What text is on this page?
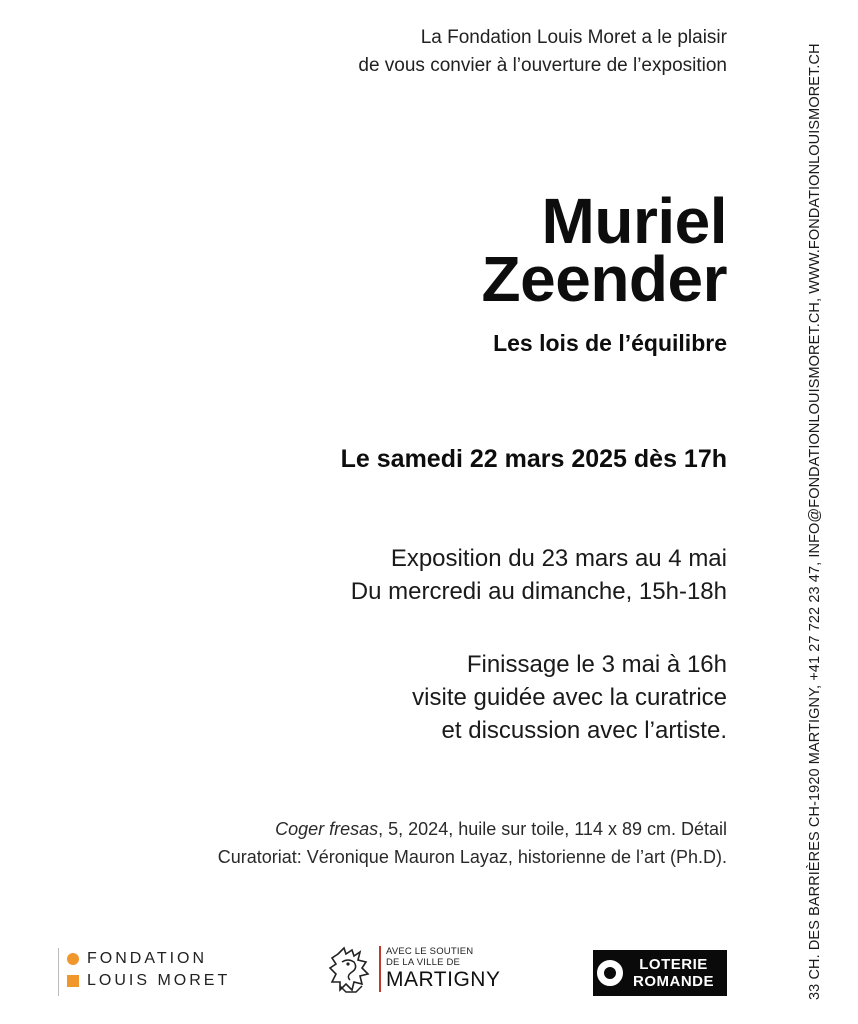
La Fondation Louis Moret a le plaisir
de vous convier à l’ouverture de l’exposition
Muriel
Zeender
Les lois de l’équilibre
Le samedi 22 mars 2025 dès 17h
Exposition du 23 mars au 4 mai
Du mercredi au dimanche, 15h-18h
Finissage le 3 mai à 16h
visite guidée avec la curatrice
et discussion avec l’artiste.
Coger fresas, 5, 2024, huile sur toile, 114 x 89 cm. Détail
Curatoriat: Véronique Mauron Layaz, historienne de l’art (Ph.D).	33 CH. DES BARRIÈRES CH-1920 MARTIGNY, +41 27 722 23 47, INFO@FONDATIONLOUISMORET.CH, WWW.FONDATIONLOUISMORET.CH
FONDATION
LOUIS MORET
AVEC LE SOUTIEN
DE LA VILLE DE
MARTIGNY
LOTERIE
ROMANDE
